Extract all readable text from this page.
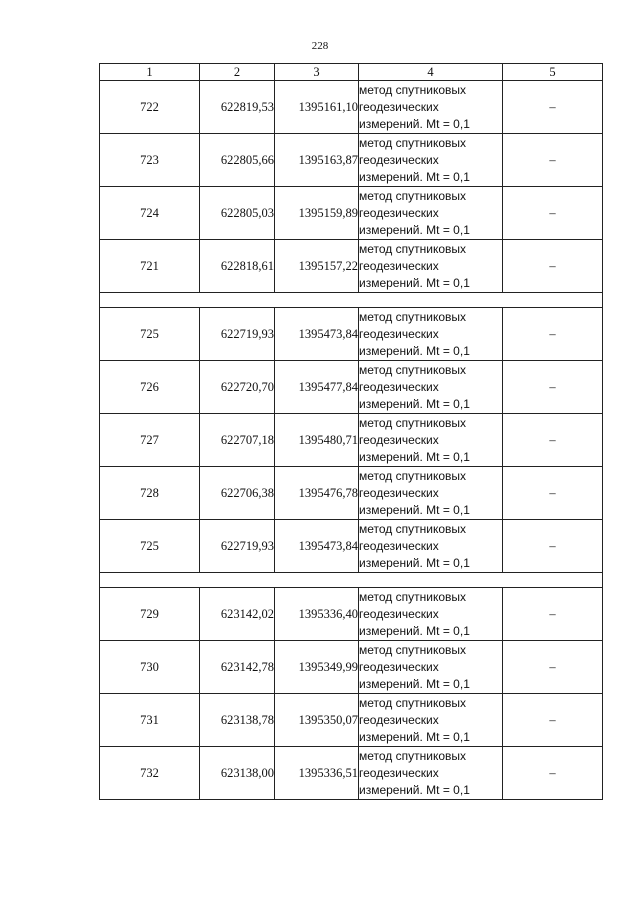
228
1	2	3	4	5
722	622819,53	1395161,10	метод спутниковых
геодезических
измерений. Mt = 0,1	–
723	622805,66	1395163,87	метод спутниковых
геодезических
измерений. Mt = 0,1	–
724	622805,03	1395159,89	метод спутниковых
геодезических
измерений. Mt = 0,1	–
721	622818,61	1395157,22	метод спутниковых
геодезических
измерений. Mt = 0,1	–

725	622719,93	1395473,84	метод спутниковых
геодезических
измерений. Mt = 0,1	–
726	622720,70	1395477,84	метод спутниковых
геодезических
измерений. Mt = 0,1	–
727	622707,18	1395480,71	метод спутниковых
геодезических
измерений. Mt = 0,1	–
728	622706,38	1395476,78	метод спутниковых
геодезических
измерений. Mt = 0,1	–
725	622719,93	1395473,84	метод спутниковых
геодезических
измерений. Mt = 0,1	–

729	623142,02	1395336,40	метод спутниковых
геодезических
измерений. Mt = 0,1	–
730	623142,78	1395349,99	метод спутниковых
геодезических
измерений. Mt = 0,1	–
731	623138,78	1395350,07	метод спутниковых
геодезических
измерений. Mt = 0,1	–
732	623138,00	1395336,51	метод спутниковых
геодезических
измерений. Mt = 0,1	–
